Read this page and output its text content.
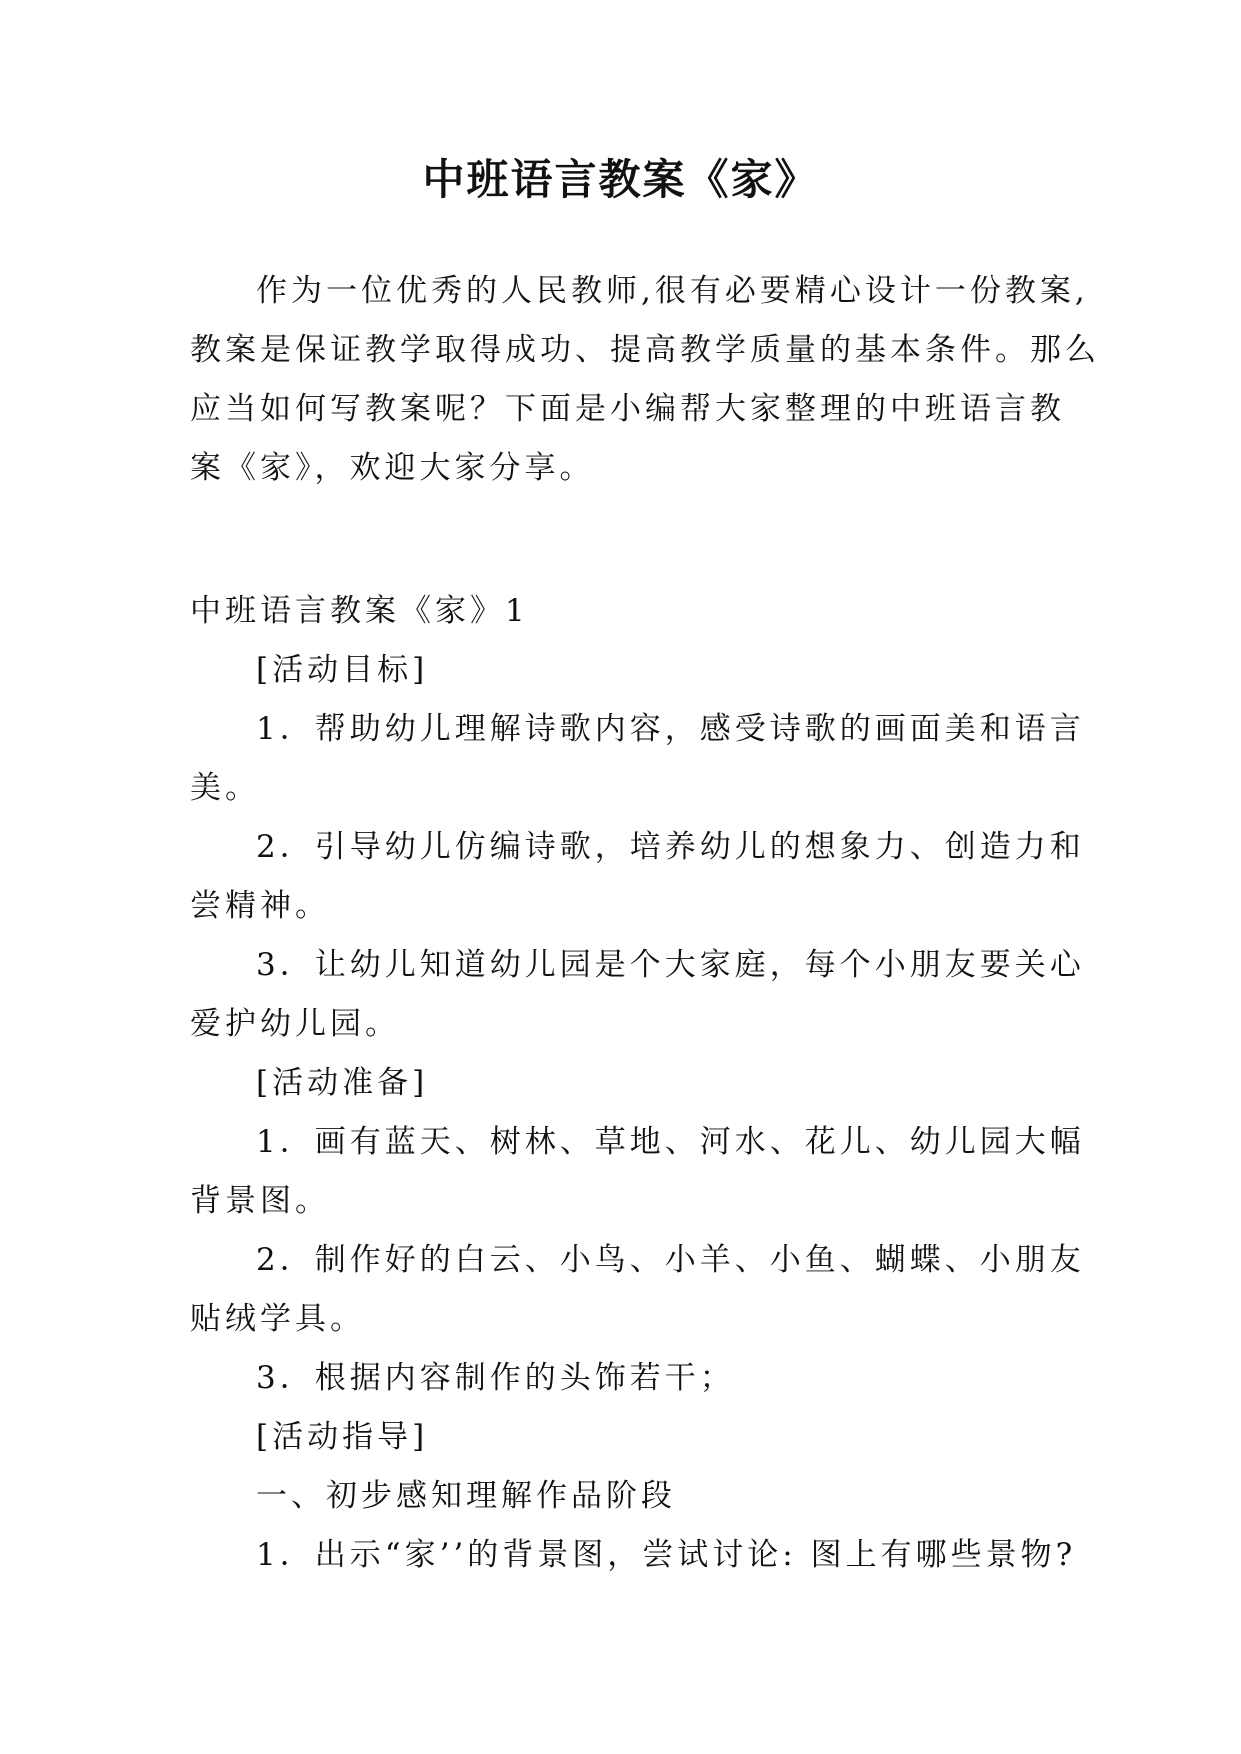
中班语言教案《家》
作为一位优秀的人民教师,很有必要精心设计一份教案,
教案是保证教学取得成功、提高教学质量的基本条件。那么
应当如何写教案呢？下面是小编帮大家整理的中班语言教
案《家》，欢迎大家分享。
中班语言教案《家》1
[活动目标]
1．帮助幼儿理解诗歌内容，感受诗歌的画面美和语言
美。
2．引导幼儿仿编诗歌，培养幼儿的想象力、创造力和
尝精神。
3．让幼儿知道幼儿园是个大家庭，每个小朋友要关心
爱护幼儿园。
[活动准备]
1．画有蓝天、树林、草地、河水、花儿、幼儿园大幅
背景图。
2．制作好的白云、小鸟、小羊、小鱼、蝴蝶、小朋友
贴绒学具。
3．根据内容制作的头饰若干；
[活动指导]
一、初步感知理解作品阶段
1．出示“家’’的背景图，尝试讨论: 图上有哪些景物?
